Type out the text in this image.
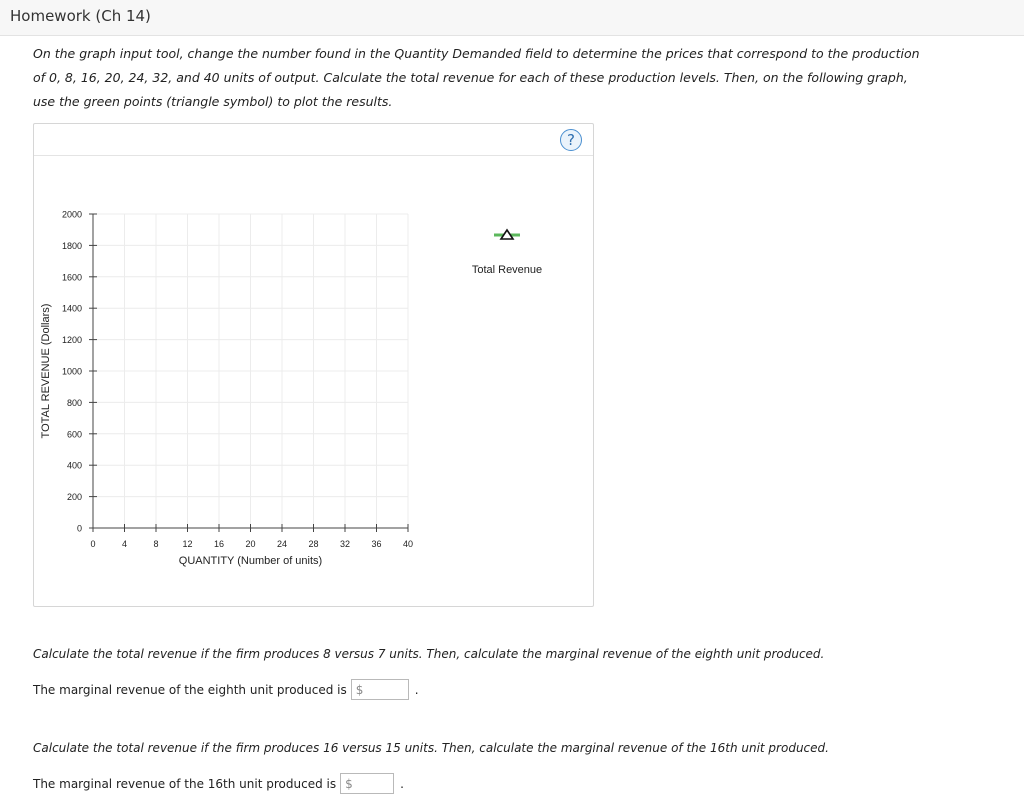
Homework (Ch 14)
On the graph input tool, change the number found in the Quantity Demanded field to determine the prices that correspond to the production of 0, 8, 16, 20, 24, 32, and 40 units of output. Calculate the total revenue for each of these production levels. Then, on the following graph, use the green points (triangle symbol) to plot the results.
?
0
200
400
600
800
1000
1200
1400
1600
1800
2000
0	4	8	12 16 20 24 28 32 36 40
QUANTITY (Number of units)
TOTAL REVENUE (Dollars)
Total Revenue
Calculate the total revenue if the firm produces 8 versus 7 units. Then, calculate the marginal revenue of the eighth unit produced.
The marginal revenue of the eighth unit produced is $	.
Calculate the total revenue if the firm produces 16 versus 15 units. Then, calculate the marginal revenue of the 16th unit produced.
The marginal revenue of the 16th unit produced is $	.
